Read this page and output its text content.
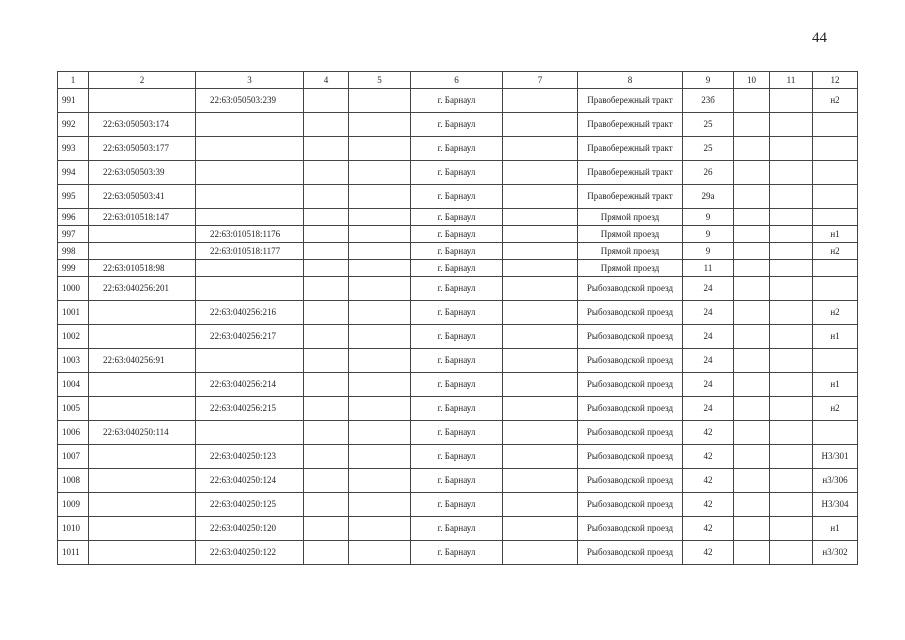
44
1	2	3	4	5	6	7	8	9	10	11	12
991		22:63:050503:239			г. Барнаул		Правобережный тракт	23б			н2
992	22:63:050503:174				г. Барнаул		Правобережный тракт	25			
993	22:63:050503:177				г. Барнаул		Правобережный тракт	25			
994	22:63:050503:39				г. Барнаул		Правобережный тракт	26			
995	22:63:050503:41				г. Барнаул		Правобережный тракт	29а			
996	22:63:010518:147				г. Барнаул		Прямой проезд	9			
997		22:63:010518:1176			г. Барнаул		Прямой проезд	9			н1
998		22:63:010518:1177			г. Барнаул		Прямой проезд	9			н2
999	22:63:010518:98				г. Барнаул		Прямой проезд	11			
1000	22:63:040256:201				г. Барнаул		Рыбозаводской проезд	24			
1001		22:63:040256:216			г. Барнаул		Рыбозаводской проезд	24			н2
1002		22:63:040256:217			г. Барнаул		Рыбозаводской проезд	24			н1
1003	22:63:040256:91				г. Барнаул		Рыбозаводской проезд	24			
1004		22:63:040256:214			г. Барнаул		Рыбозаводской проезд	24			н1
1005		22:63:040256:215			г. Барнаул		Рыбозаводской проезд	24			н2
1006	22:63:040250:114				г. Барнаул		Рыбозаводской проезд	42			
1007		22:63:040250:123			г. Барнаул		Рыбозаводской проезд	42			Н3/301
1008		22:63:040250:124			г. Барнаул		Рыбозаводской проезд	42			н3/306
1009		22:63:040250:125			г. Барнаул		Рыбозаводской проезд	42			Н3/304
1010		22:63:040250:120			г. Барнаул		Рыбозаводской проезд	42			н1
1011		22:63:040250:122			г. Барнаул		Рыбозаводской проезд	42			н3/302
